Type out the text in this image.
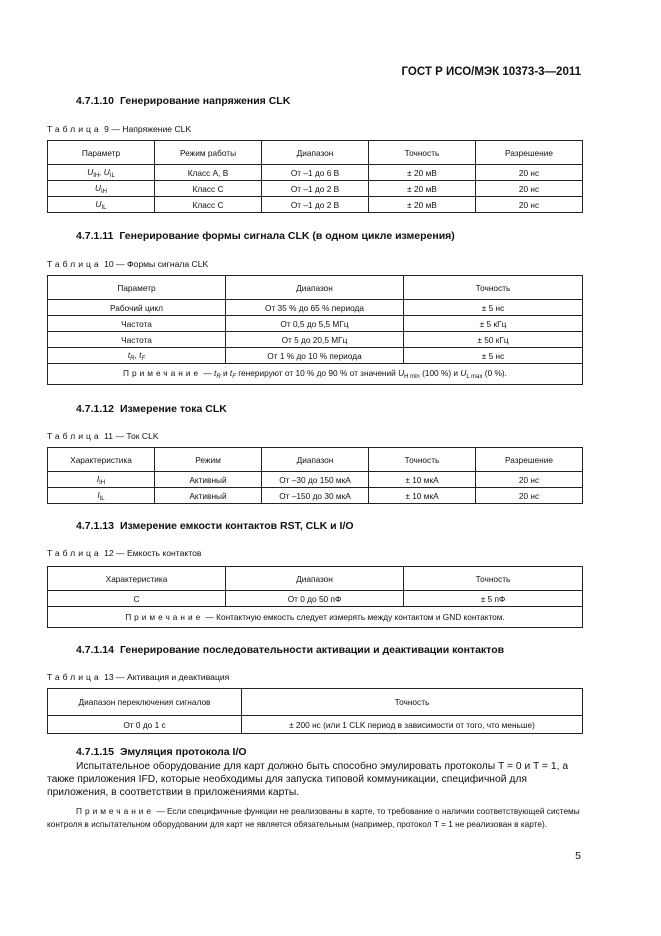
ГОСТ Р ИСО/МЭК 10373-3—2011
4.7.1.10 Генерирование напряжения CLK
Таблица 9 — Напряжение CLK
Параметр	Режим работы	Диапазон	Точность	Разрешение
$U_{IH}$, $U_{IL}$	Класс A, B	От –1 до 6 В	± 20 мВ	20 нс
$U_{IH}$	Класс C	От –1 до 2 В	± 20 мВ	20 нс
$U_{IL}$	Класс C	От –1 до 2 В	± 20 мВ	20 нс
4.7.1.11 Генерирование формы сигнала CLK (в одном цикле измерения)
Таблица 10 — Формы сигнала CLK
Параметр	Диапазон	Точность
Рабочий цикл	От 35 % до 65 % периода	± 5 нс
Частота	От 0,5 до 5,5 МГц	± 5 кГц
Частота	От 5 до 20,5 МГц	± 50 кГц
$t_R$, $t_F$	От 1 % до 10 % периода	± 5 нс
Примечание — $t_R$ и $t_F$ генерируют от 10 % до 90 % от значений $U_{H min}$ (100 %) и $U_{L max}$ (0 %).		
4.7.1.12 Измерение тока CLK
Таблица 11 — Ток CLK
Характеристика	Режим	Диапазон	Точность	Разрешение
$I_{IH}$	Активный	От –30 до 150 мкА	± 10 мкА	20 нс
$I_{IL}$	Активный	От –150 до 30 мкА	± 10 мкА	20 нс
4.7.1.13 Измерение емкости контактов RST, CLK и I/O
Таблица 12 — Емкость контактов
Характеристика	Диапазон	Точность
C	От 0 до 50 пФ	± 5 пФ
Примечание — Контактную емкость следует измерять между контактом и GND контактом.		
4.7.1.14 Генерирование последовательности активации и деактивации контактов
Таблица 13 — Активация и деактивация
Диапазон переключения сигналов	Точность
От 0 до 1 с	± 200 нс (или 1 CLK период в зависимости от того, что меньше)
4.7.1.15 Эмуляция протокола I/O
Испытательное оборудование для карт должно быть способно эмулировать протоколы T = 0 и T = 1, а также приложения IFD, которые необходимы для запуска типовой коммуникации, специфичной для приложения, в соответствии в приложениями карты.
Примечание — Если специфичные функции не реализованы в карте, то требование о наличии соответствующей системы контроля в испытательном оборудовании для карт не является обязательным (например, протокол T = 1 не реализован в карте).
5
